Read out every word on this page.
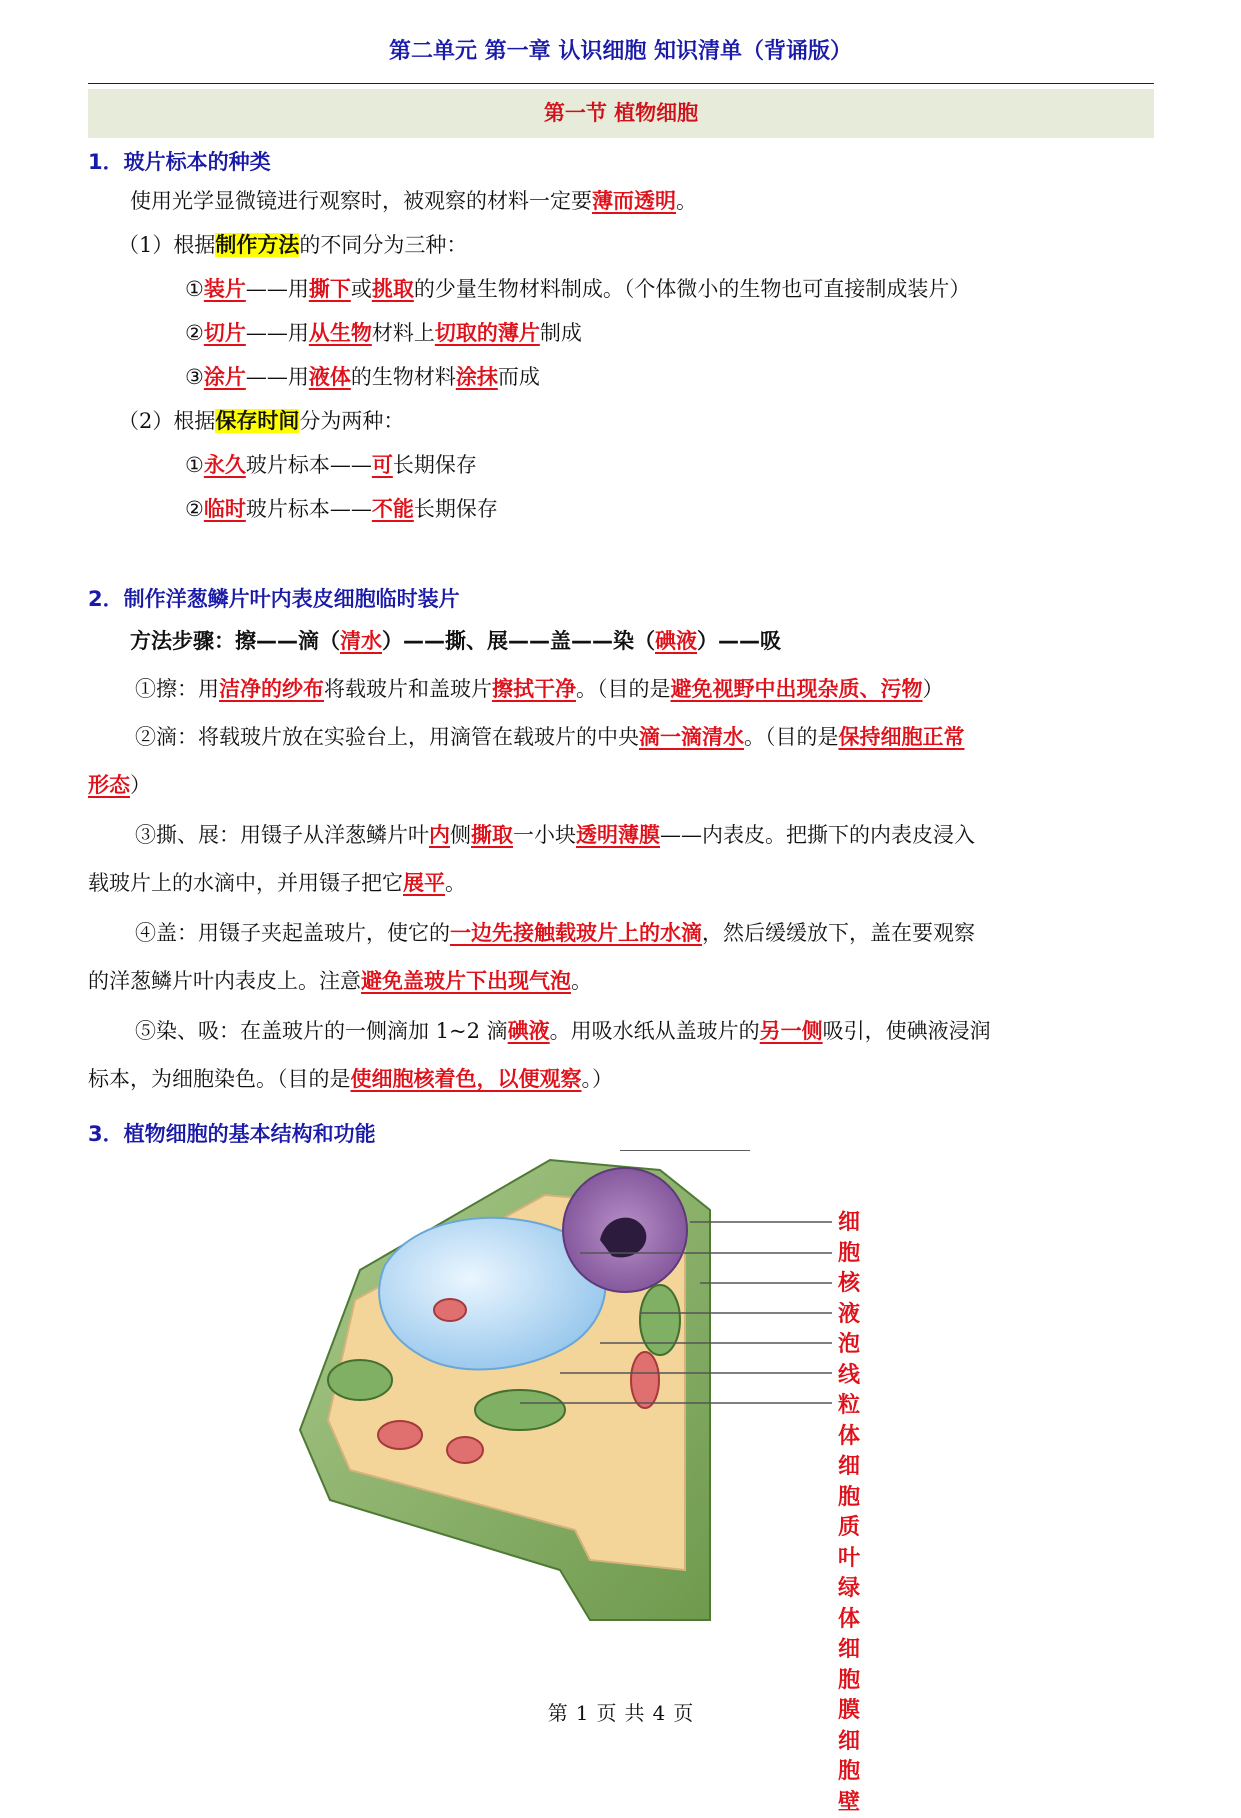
第二单元 第一章 认识细胞 知识清单（背诵版）
第一节 植物细胞
1．玻片标本的种类
使用光学显微镜进行观察时，被观察的材料一定要薄而透明。
（1）根据制作方法的不同分为三种：
①装片——用撕下或挑取的少量生物材料制成。（个体微小的生物也可直接制成装片）
②切片——用从生物材料上切取的薄片制成
③涂片——用液体的生物材料涂抹而成
（2）根据保存时间分为两种：
①永久玻片标本——可长期保存
②临时玻片标本——不能长期保存
2．制作洋葱鳞片叶内表皮细胞临时装片
方法步骤：擦——滴（清水）——撕、展——盖——染（碘液）——吸
①擦：用洁净的纱布将载玻片和盖玻片擦拭干净。（目的是避免视野中出现杂质、污物）
②滴：将载玻片放在实验台上，用滴管在载玻片的中央滴一滴清水。（目的是保持细胞正常
形态）
③撕、展：用镊子从洋葱鳞片叶内侧撕取一小块透明薄膜——内表皮。把撕下的内表皮浸入
载玻片上的水滴中，并用镊子把它展平。
④盖：用镊子夹起盖玻片，使它的一边先接触载玻片上的水滴，然后缓缓放下，盖在要观察
的洋葱鳞片叶内表皮上。注意避免盖玻片下出现气泡。
⑤染、吸：在盖玻片的一侧滴加 1~2 滴碘液。用吸水纸从盖玻片的另一侧吸引，使碘液浸润
标本，为细胞染色。（目的是使细胞核着色，以便观察。）
3．植物细胞的基本结构和功能
细胞核
液泡
线粒体
细胞质
叶绿体
细胞膜
细胞壁
第 1 页 共 4 页
